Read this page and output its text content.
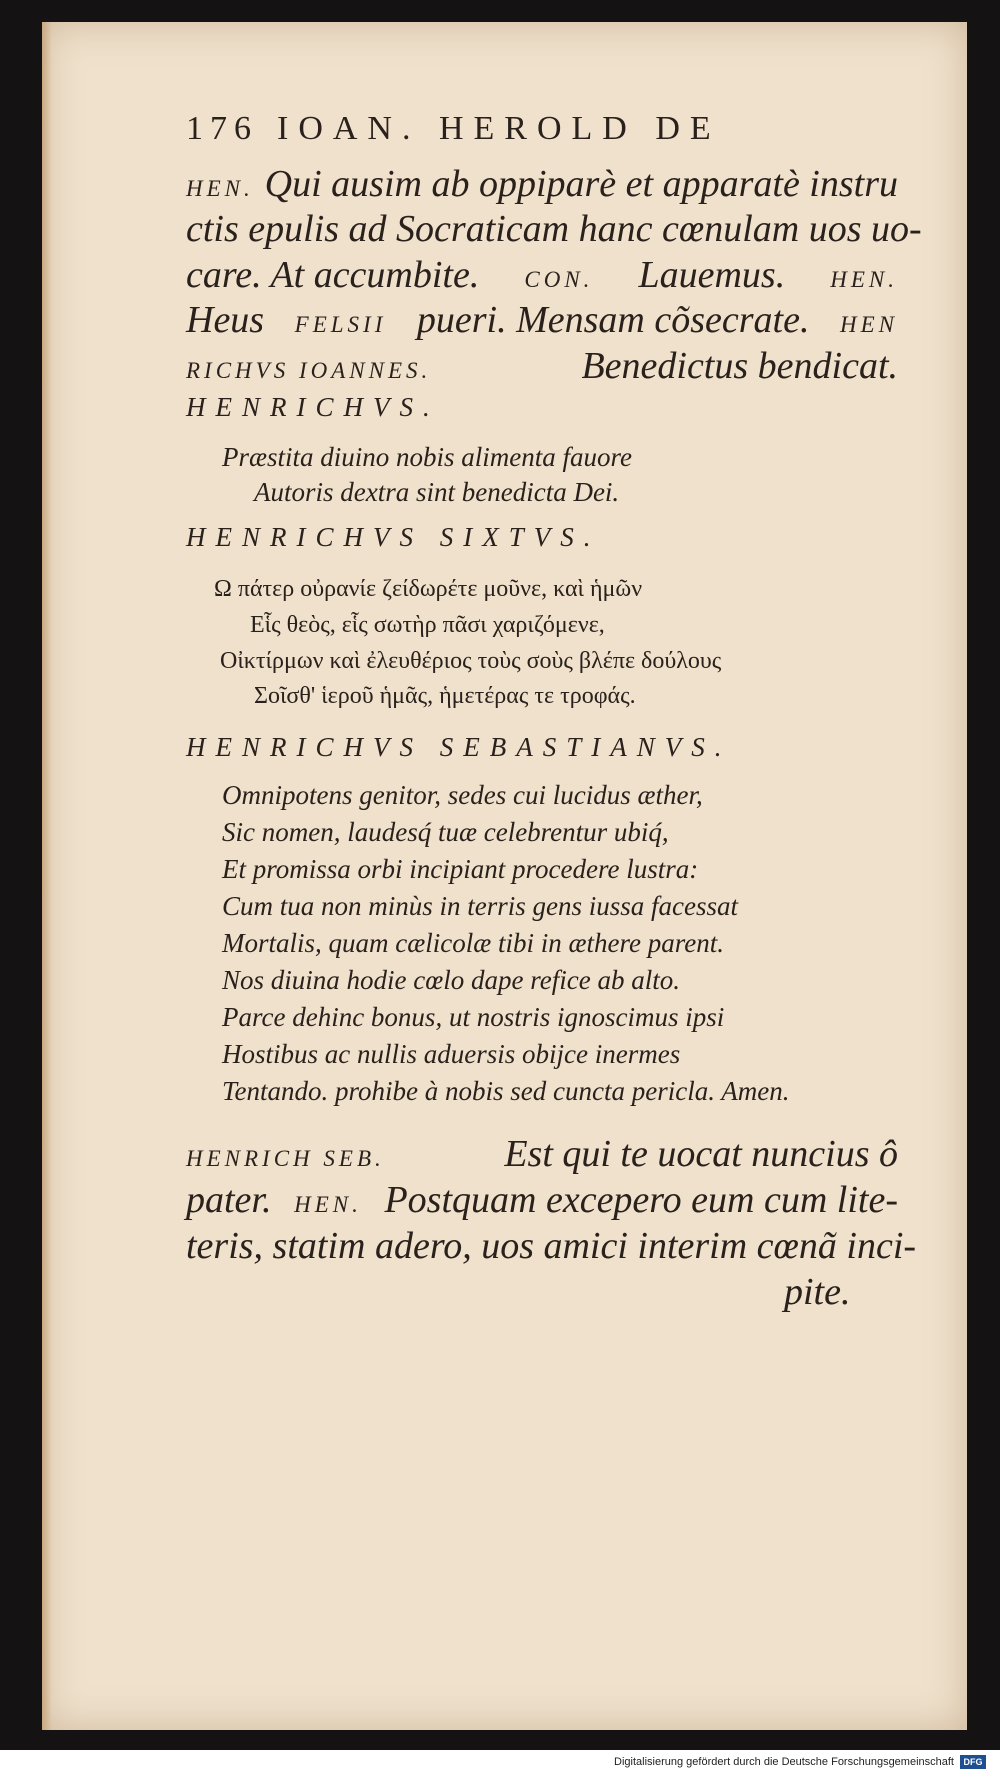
176 IOAN. HEROLD DE
HEN. Qui ausim ab oppiparè et apparatè instru
ctis epulis ad Socraticam hanc cœnulam uos uo-
care. At accumbite. CON. Lauemus. HEN.
Heus FELSII pueri. Mensam cõsecrate. HEN
RICHVS IOANNES.	Benedictus bendicat.
HENRICHVS.
Præstita diuino nobis alimenta fauore
Autoris dextra sint benedicta Dei.
HENRICHVS SIXTVS.
Ω πάτερ οὐρανίε ζείδωρέτε μοῦνε, καὶ ἡμῶν
Εἷς θεὸς, εἷς σωτὴρ πᾶσι χαριζόμενε,
Οἰκτίρμων καὶ ἐλευθέριος τοὺς σοὺς βλέπε δούλους
Σοῖσθ' ἱεροῦ ἡμᾶς, ἡμετέρας τε τροφάς.
HENRICHVS SEBASTIANVS.
Omnipotens genitor, sedes cui lucidus æther,
Sic nomen, laudesq́ tuæ celebrentur ubiq́,
Et promissa orbi incipiant procedere lustra:
Cum tua non minùs in terris gens iussa facessat
Mortalis, quam cælicolæ tibi in æthere parent.
Nos diuina hodie cœlo dape refice ab alto.
Parce dehinc bonus, ut nostris ignoscimus ipsi
Hostibus ac nullis aduersis obijce inermes
Tentando. prohibe à nobis sed cuncta pericla. Amen.
HENRICH SEB.	Est qui te uocat nuncius ô
pater. HEN. Postquam excepero eum cum lite-
teris, statim adero, uos amici interim cœnã inci-
pite.
Digitalisierung gefördert durch die Deutsche Forschungsgemeinschaft	DFG
